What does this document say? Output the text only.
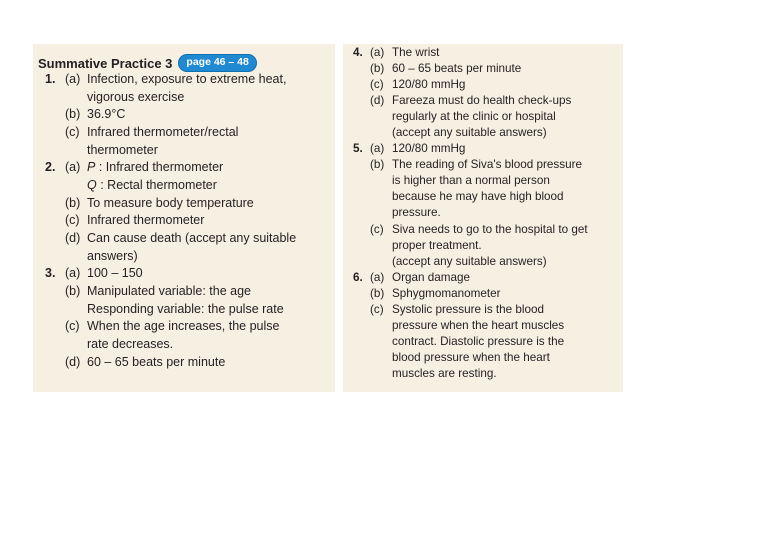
Summative Practice 3	page 46 – 48
1. (a) Infection, exposure to extreme heat,
vigorous exercise
(b) 36.9°C
(c) Infrared thermometer/rectal
thermometer
2. (a) P : Infrared thermometer
Q : Rectal thermometer
(b) To measure body temperature
(c) Infrared thermometer
(d) Can cause death (accept any suitable
answers)
3. (a) 100 – 150
(b) Manipulated variable: the age
Responding variable: the pulse rate
(c) When the age increases, the pulse
rate decreases.
(d) 60 – 65 beats per minute
4. (a) The wrist
(b) 60 – 65 beats per minute
(c) 120/80 mmHg
(d) Fareeza must do health check-ups
regularly at the clinic or hospital
(accept any suitable answers)
5. (a) 120/80 mmHg
(b) The reading of Siva's blood pressure
is higher than a normal person
because he may have high blood
pressure.
(c) Siva needs to go to the hospital to get
proper treatment.
(accept any suitable answers)
6. (a) Organ damage
(b) Sphygmomanometer
(c) Systolic pressure is the blood
pressure when the heart muscles
contract. Diastolic pressure is the
blood pressure when the heart
muscles are resting.
